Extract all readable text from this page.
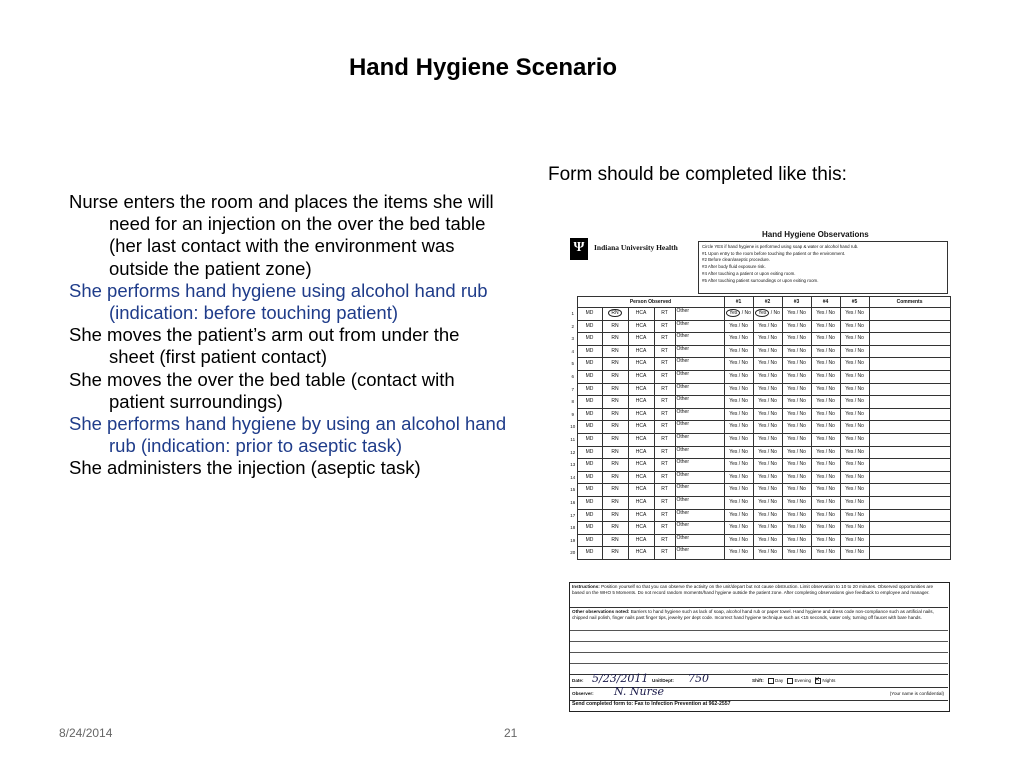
Hand Hygiene Scenario
Nurse enters the room and places the items she will need for an injection on the over the bed table (her last contact with the environment was outside the patient zone)
She performs hand hygiene using alcohol hand rub (indication: before touching patient)
She moves the patient’s arm out from under the sheet (first patient contact)
She moves the over the bed table (contact with patient surroundings)
She performs hand hygiene by using an alcohol hand rub (indication: prior to aseptic task)
She administers the injection (aseptic task)

Form should be completed like this:

Hand Hygiene Observations
Ψ	Indiana University Health	Circle YES if hand hygiene is performed using soap & water or alcohol hand rub.
#1 Upon entry to the room before touching the patient or the environment.
#2 Before clean/aseptic procedure.
#3 After body fluid exposure risk.
#4 After touching a patient or upon exiting room.
#5 After touching patient surroundings or upon exiting room.
	Person Observed					#1	#2	#3	#4	#5	Comments
1	MD	RN	HCA	RT	Other	Yes / No	Yes / No	Yes / No	Yes / No	Yes / No	
2	MD	RN	HCA	RT	Other	Yes / No	Yes / No	Yes / No	Yes / No	Yes / No	
3	MD	RN	HCA	RT	Other	Yes / No	Yes / No	Yes / No	Yes / No	Yes / No	
4	MD	RN	HCA	RT	Other	Yes / No	Yes / No	Yes / No	Yes / No	Yes / No	
5	MD	RN	HCA	RT	Other	Yes / No	Yes / No	Yes / No	Yes / No	Yes / No	
6	MD	RN	HCA	RT	Other	Yes / No	Yes / No	Yes / No	Yes / No	Yes / No	
7	MD	RN	HCA	RT	Other	Yes / No	Yes / No	Yes / No	Yes / No	Yes / No	
8	MD	RN	HCA	RT	Other	Yes / No	Yes / No	Yes / No	Yes / No	Yes / No	
9	MD	RN	HCA	RT	Other	Yes / No	Yes / No	Yes / No	Yes / No	Yes / No	
10	MD	RN	HCA	RT	Other	Yes / No	Yes / No	Yes / No	Yes / No	Yes / No	
11	MD	RN	HCA	RT	Other	Yes / No	Yes / No	Yes / No	Yes / No	Yes / No	
12	MD	RN	HCA	RT	Other	Yes / No	Yes / No	Yes / No	Yes / No	Yes / No	
13	MD	RN	HCA	RT	Other	Yes / No	Yes / No	Yes / No	Yes / No	Yes / No	
14	MD	RN	HCA	RT	Other	Yes / No	Yes / No	Yes / No	Yes / No	Yes / No	
15	MD	RN	HCA	RT	Other	Yes / No	Yes / No	Yes / No	Yes / No	Yes / No	
16	MD	RN	HCA	RT	Other	Yes / No	Yes / No	Yes / No	Yes / No	Yes / No	
17	MD	RN	HCA	RT	Other	Yes / No	Yes / No	Yes / No	Yes / No	Yes / No	
18	MD	RN	HCA	RT	Other	Yes / No	Yes / No	Yes / No	Yes / No	Yes / No	
19	MD	RN	HCA	RT	Other	Yes / No	Yes / No	Yes / No	Yes / No	Yes / No	
20	MD	RN	HCA	RT	Other	Yes / No	Yes / No	Yes / No	Yes / No	Yes / No	
Instructions: Position yourself so that you can observe the activity on the unit/depart but not cause obstruction. Limit observation to 10 to 20 minutes. Observed opportunities are based on the WHO 5 Moments. Do not record random moments/hand hygiene outside the patient zone. After completing observations give feedback to employee and manager.
Other observations noted: Barriers to hand hygiene such as lack of soap, alcohol hand rub or paper towel. Hand hygiene and dress code non-compliance such as artificial nails, chipped nail polish, finger nails past finger tips, jewelry per dept code. Incorrect hand hygiene technique such as <15 seconds, water only, turning off faucet with bare hands.
Date: 5/23/2011 Unit/Dept: 750	Shift: Day Evening × Nights
Observer: N. Nurse	(Your name is confidential)
Send completed form to: Fax to Infection Prevention at 962-2557
8/24/2014	21
